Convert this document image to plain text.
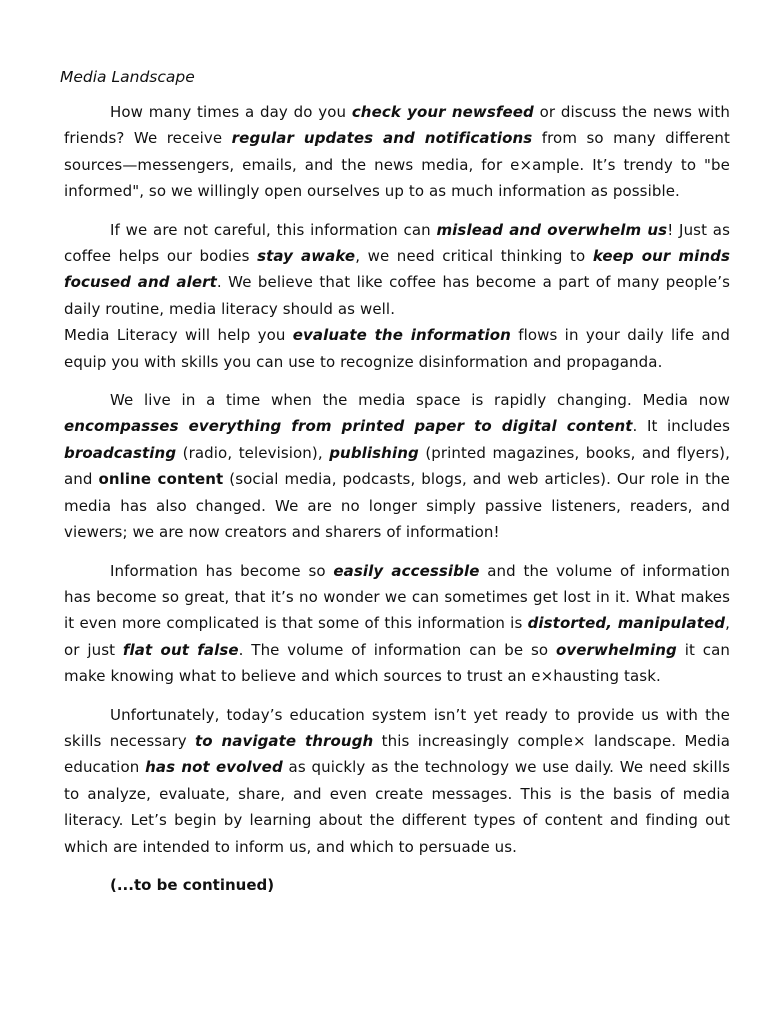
Media Landscape

How many times a day do you check your newsfeed or discuss the news with friends? We receive regular updates and notifications from so many different sources—messengers, emails, and the news media, for e×ample. It’s trendy to "be informed", so we willingly open ourselves up to as much information as possible.

If we are not careful, this information can mislead and overwhelm us! Just as coffee helps our bodies stay awake, we need critical thinking to keep our minds focused and alert. We believe that like coffee has become a part of many people’s daily routine, media literacy should as well.

Media Literacy will help you evaluate the information flows in your daily life and equip you with skills you can use to recognize disinformation and propaganda.

We live in a time when the media space is rapidly changing. Media now encompasses everything from printed paper to digital content. It includes broadcasting (radio, television), publishing (printed magazines, books, and flyers), and online content (social media, podcasts, blogs, and web articles). Our role in the media has also changed. We are no longer simply passive listeners, readers, and viewers; we are now creators and sharers of information!

Information has become so easily accessible and the volume of information has become so great, that it’s no wonder we can sometimes get lost in it. What makes it even more complicated is that some of this information is distorted, manipulated, or just flat out false. The volume of information can be so overwhelming it can make knowing what to believe and which sources to trust an e×hausting task.

Unfortunately, today’s education system isn’t yet ready to provide us with the skills necessary to navigate through this increasingly comple× landscape. Media education has not evolved as quickly as the technology we use daily. We need skills to analyze, evaluate, share, and even create messages. This is the basis of media literacy. Let’s begin by learning about the different types of content and finding out which are intended to inform us, and which to persuade us.

(...to be continued)
